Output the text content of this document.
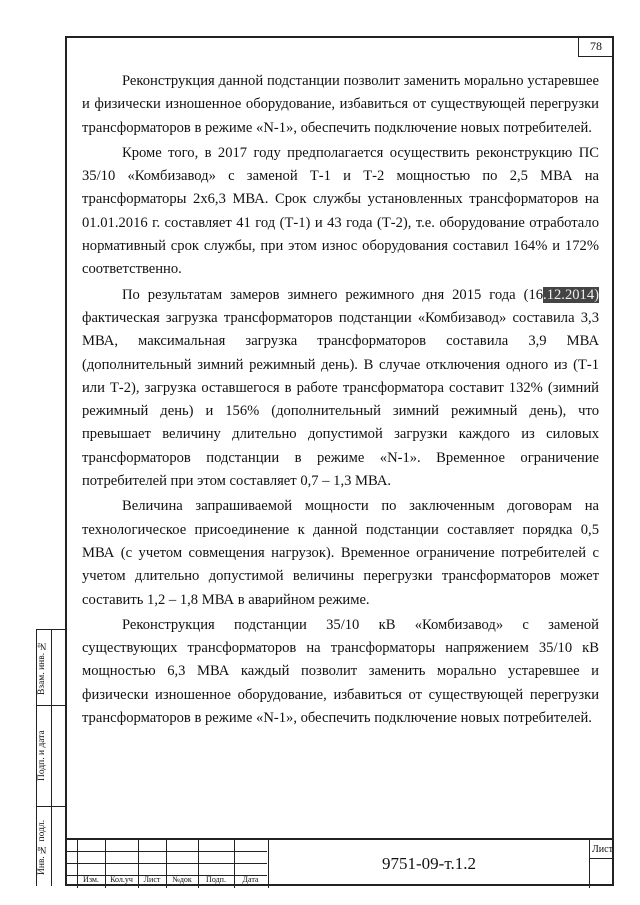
78

Реконструкция данной подстанции позволит заменить морально устаревшее и физически изношенное оборудование, избавиться от существующей перегрузки трансформаторов в режиме «N-1», обеспечить подключение новых потребителей.

Кроме того, в 2017 году предполагается осуществить реконструкцию ПС 35/10 «Комбизавод» с заменой Т-1 и Т-2 мощностью по 2,5 МВА на трансформаторы 2х6,3 МВА. Срок службы установленных трансформаторов на 01.01.2016 г. составляет 41 год (Т-1) и 43 года (Т-2), т.е. оборудование отработало нормативный срок службы, при этом износ оборудования составил 164% и 172% соответственно.

По результатам замеров зимнего режимного дня 2015 года (16.12.2014) фактическая загрузка трансформаторов подстанции «Комбизавод» составила 3,3 МВА, максимальная загрузка трансформаторов составила 3,9 МВА (дополнительный зимний режимный день). В случае отключения одного из (Т-1 или Т-2), загрузка оставшегося в работе трансформатора составит 132% (зимний режимный день) и 156% (дополнительный зимний режимный день), что превышает величину длительно допустимой загрузки каждого из силовых трансформаторов подстанции в режиме «N-1». Временное ограничение потребителей при этом составляет 0,7 – 1,3 МВА.

Величина запрашиваемой мощности по заключенным договорам на технологическое присоединение к данной подстанции составляет порядка 0,5 МВА (с учетом совмещения нагрузок). Временное ограничение потребителей с учетом длительно допустимой величины перегрузки трансформаторов может составить 1,2 – 1,8 МВА в аварийном режиме.

Реконструкция подстанции 35/10 кВ «Комбизавод» с заменой существующих трансформаторов на трансформаторы напряжением 35/10 кВ мощностью 6,3 МВА каждый позволит заменить морально устаревшее и физически изношенное оборудование, избавиться от существующей перегрузки трансформаторов в режиме «N-1», обеспечить подключение новых потребителей.

Взам. инв. №
Подп. и дата
Инв. № подл.
Изм.	Кол.уч	Лист	№док	Подп.	Дата
9751-09-т.1.2
Лист
